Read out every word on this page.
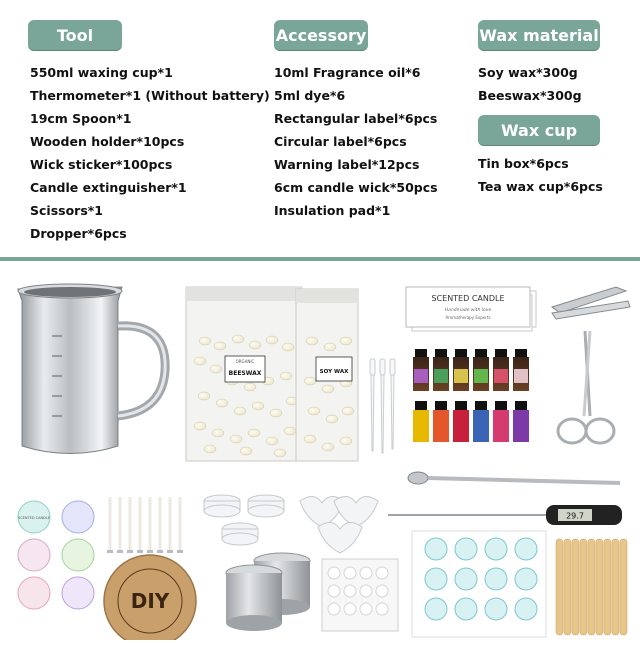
Tool	Accessory	Wax material
Wax cup
550ml waxing cup*1
Thermometer*1 (Without battery)
19cm Spoon*1
Wooden holder*10pcs
Wick sticker*100pcs
Candle extinguisher*1
Scissors*1
Dropper*6pcs
10ml Fragrance oil*6
5ml dye*6
Rectangular label*6pcs
Circular label*6pcs
Warning label*12pcs
6cm candle wick*50pcs
Insulation pad*1
Soy wax*300g
Beeswax*300g
Tin box*6pcs
Tea wax cup*6pcs
ORGANIC
BEESWAX	SOY WAX
SCENTED CANDLE
Handmade with love
Aromatherapy Experts
29.7
SCENTED CANDLE
DIY
